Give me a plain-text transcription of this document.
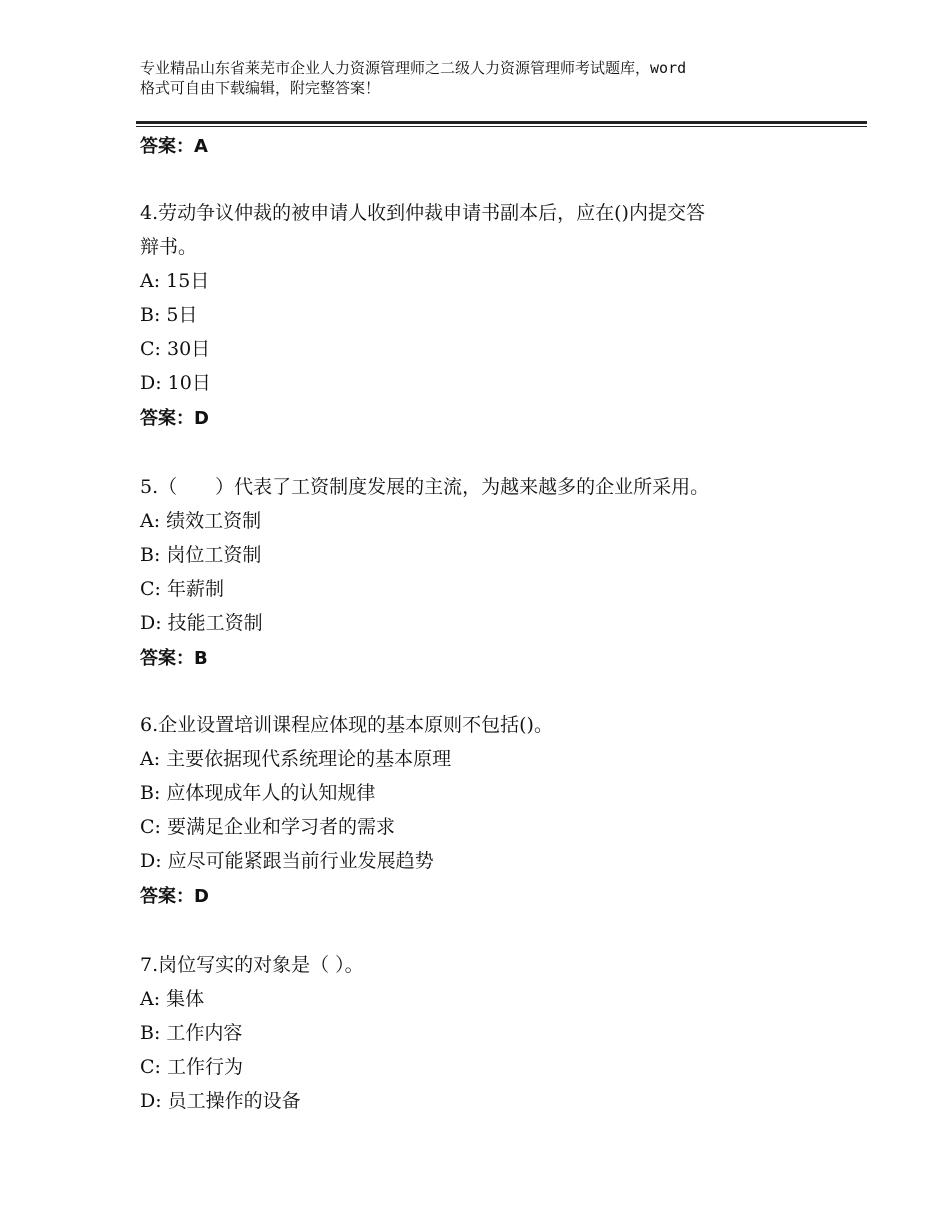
专业精品山东省莱芜市企业人力资源管理师之二级人力资源管理师考试题库，word
格式可自由下载编辑，附完整答案！
答案：A
4.劳动争议仲裁的被申请人收到仲裁申请书副本后，应在()内提交答
辩书。
A: 15日
B: 5日
C: 30日
D: 10日
答案：D
5.（　　）代表了工资制度发展的主流，为越来越多的企业所采用。
A: 绩效工资制
B: 岗位工资制
C: 年薪制
D: 技能工资制
答案：B
6.企业设置培训课程应体现的基本原则不包括()。
A: 主要依据现代系统理论的基本原理
B: 应体现成年人的认知规律
C: 要满足企业和学习者的需求
D: 应尽可能紧跟当前行业发展趋势
答案：D
7.岗位写实的对象是（ ）。
A: 集体
B: 工作内容
C: 工作行为
D: 员工操作的设备
